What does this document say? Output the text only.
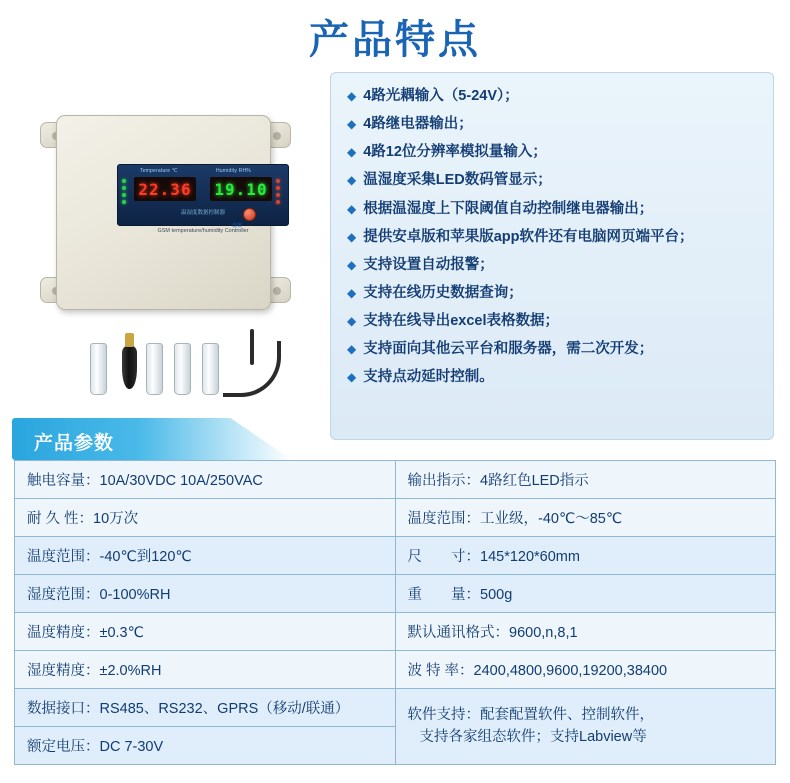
产品特点
Temperature ℃	Humidity RH%
22.36 19.10
温湿度数据控制器
GSM temperature/humidity Controller
设置
◆ 4路光耦输入（5-24V）；
◆ 4路继电器输出；
◆ 4路12位分辨率模拟量输入；
◆ 温湿度采集LED数码管显示；
◆ 根据温湿度上下限阈值自动控制继电器输出；
◆ 提供安卓版和苹果版app软件还有电脑网页端平台；
◆ 支持设置自动报警；
◆ 支持在线历史数据查询；
◆ 支持在线导出excel表格数据；
◆ 支持面向其他云平台和服务器，需二次开发；
◆ 支持点动延时控制。
产品参数
触电容量：10A/30VDC 10A/250VAC	输出指示：4路红色LED指示
耐 久 性：10万次	温度范围：工业级，-40℃～85℃
温度范围：-40℃到120℃	尺　　寸：145*120*60mm
湿度范围：0-100%RH	重　　量：500g
温度精度：±0.3℃	默认通讯格式：9600,n,8,1
湿度精度：±2.0%RH	波 特 率：2400,4800,9600,19200,38400
数据接口：RS485、RS232、GPRS（移动/联通）	软件支持：配套配置软件、控制软件，
支持各家组态软件；支持Labview等

额定电压：DC 7-30V	
